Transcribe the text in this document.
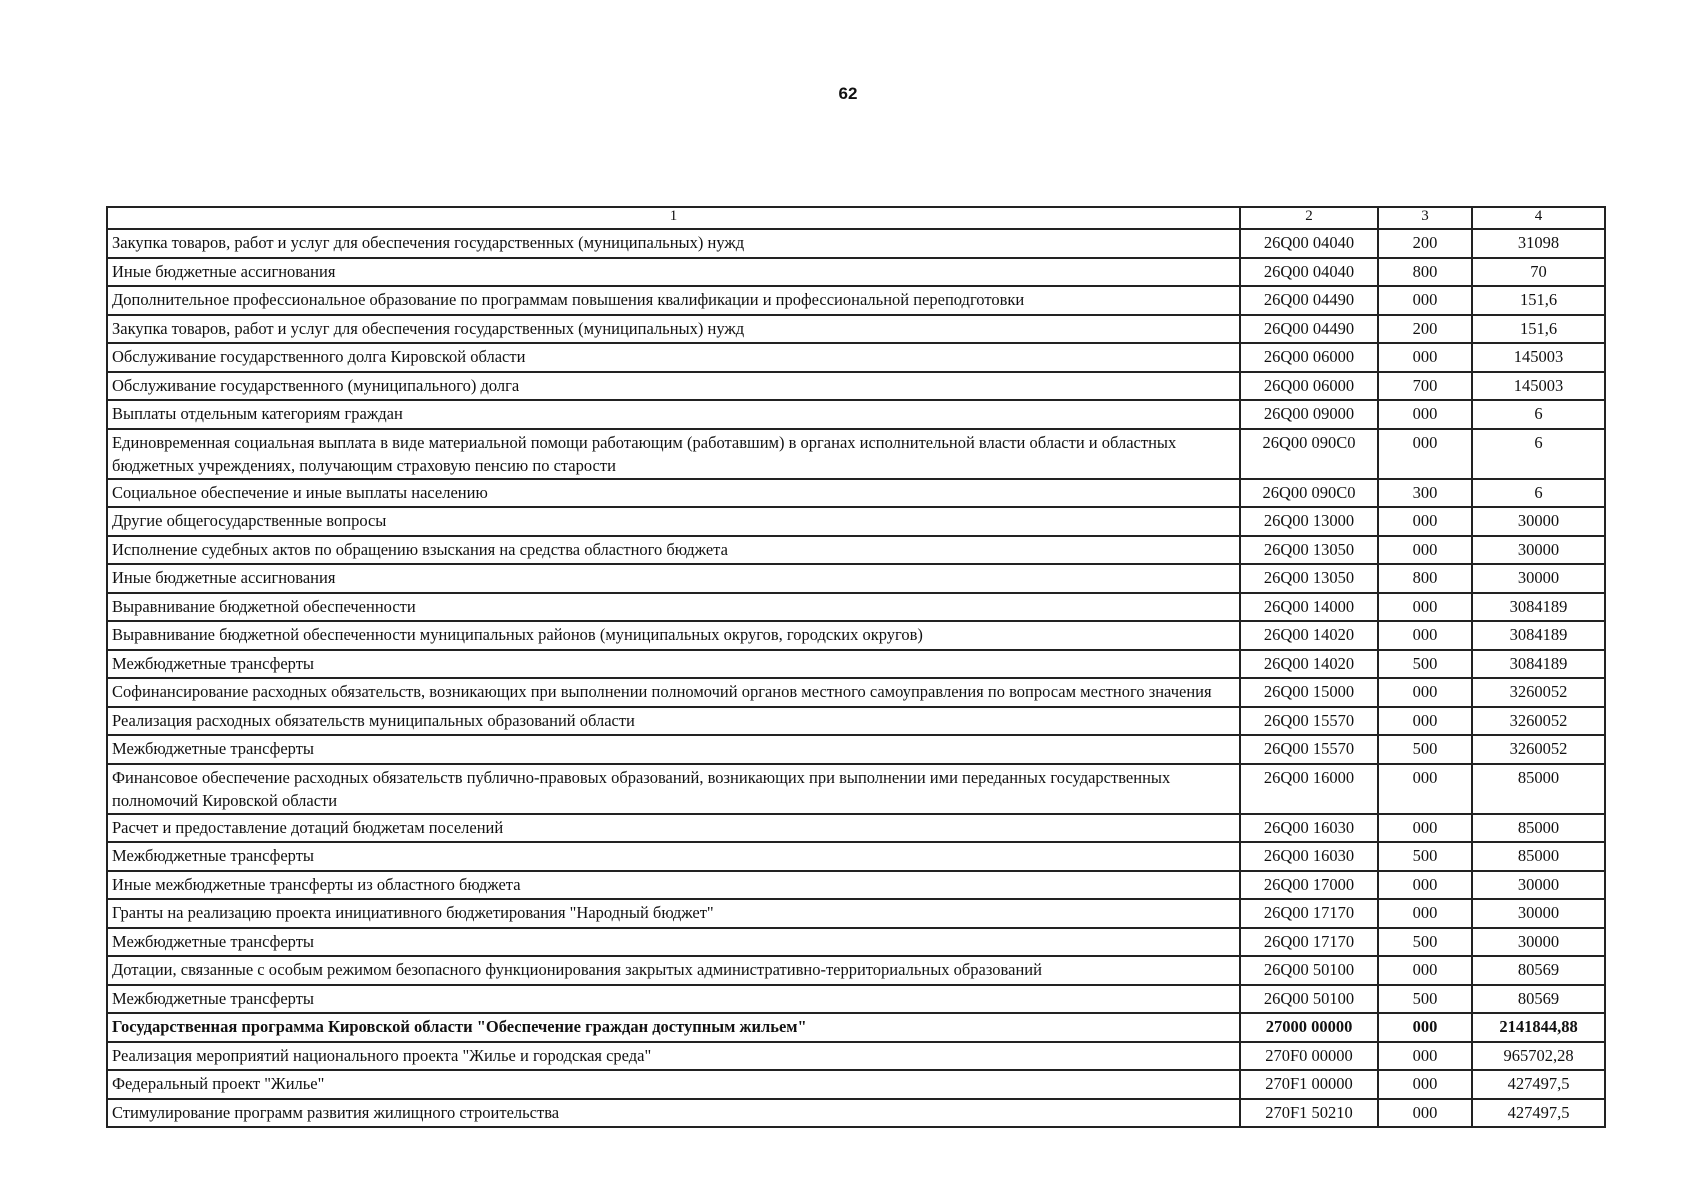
62
1	2	3	4
Закупка товаров, работ и услуг для обеспечения государственных (муниципальных) нужд	26Q00 04040	200	31098
Иные бюджетные ассигнования	26Q00 04040	800	70
Дополнительное профессиональное образование по программам повышения квалификации и профессиональной переподготовки	26Q00 04490	000	151,6
Закупка товаров, работ и услуг для обеспечения государственных (муниципальных) нужд	26Q00 04490	200	151,6
Обслуживание государственного долга Кировской области	26Q00 06000	000	145003
Обслуживание государственного (муниципального) долга	26Q00 06000	700	145003
Выплаты отдельным категориям граждан	26Q00 09000	000	6
Единовременная социальная выплата в виде материальной помощи работающим (работавшим) в органах исполнительной власти области и областных бюджетных учреждениях, получающим страховую пенсию по старости	26Q00 090C0	000	6
Социальное обеспечение и иные выплаты населению	26Q00 090C0	300	6
Другие общегосударственные вопросы	26Q00 13000	000	30000
Исполнение судебных актов по обращению взыскания на средства областного бюджета	26Q00 13050	000	30000
Иные бюджетные ассигнования	26Q00 13050	800	30000
Выравнивание бюджетной обеспеченности	26Q00 14000	000	3084189
Выравнивание бюджетной обеспеченности муниципальных районов (муниципальных округов, городских округов)	26Q00 14020	000	3084189
Межбюджетные трансферты	26Q00 14020	500	3084189
Софинансирование расходных обязательств, возникающих при выполнении полномочий органов местного самоуправления по вопросам местного значения	26Q00 15000	000	3260052
Реализация расходных обязательств муниципальных образований области	26Q00 15570	000	3260052
Межбюджетные трансферты	26Q00 15570	500	3260052
Финансовое обеспечение расходных обязательств публично-правовых образований, возникающих при выполнении ими переданных государственных полномочий Кировской области	26Q00 16000	000	85000
Расчет и предоставление дотаций бюджетам поселений	26Q00 16030	000	85000
Межбюджетные трансферты	26Q00 16030	500	85000
Иные межбюджетные трансферты из областного бюджета	26Q00 17000	000	30000
Гранты на реализацию проекта инициативного бюджетирования "Народный бюджет"	26Q00 17170	000	30000
Межбюджетные трансферты	26Q00 17170	500	30000
Дотации, связанные с особым режимом безопасного функционирования закрытых административно-территориальных образований	26Q00 50100	000	80569
Межбюджетные трансферты	26Q00 50100	500	80569
Государственная программа Кировской области "Обеспечение граждан доступным жильем"	27000 00000	000	2141844,88
Реализация мероприятий национального проекта "Жилье и городская среда"	270F0 00000	000	965702,28
Федеральный проект "Жилье"	270F1 00000	000	427497,5
Стимулирование программ развития жилищного строительства	270F1 50210	000	427497,5
